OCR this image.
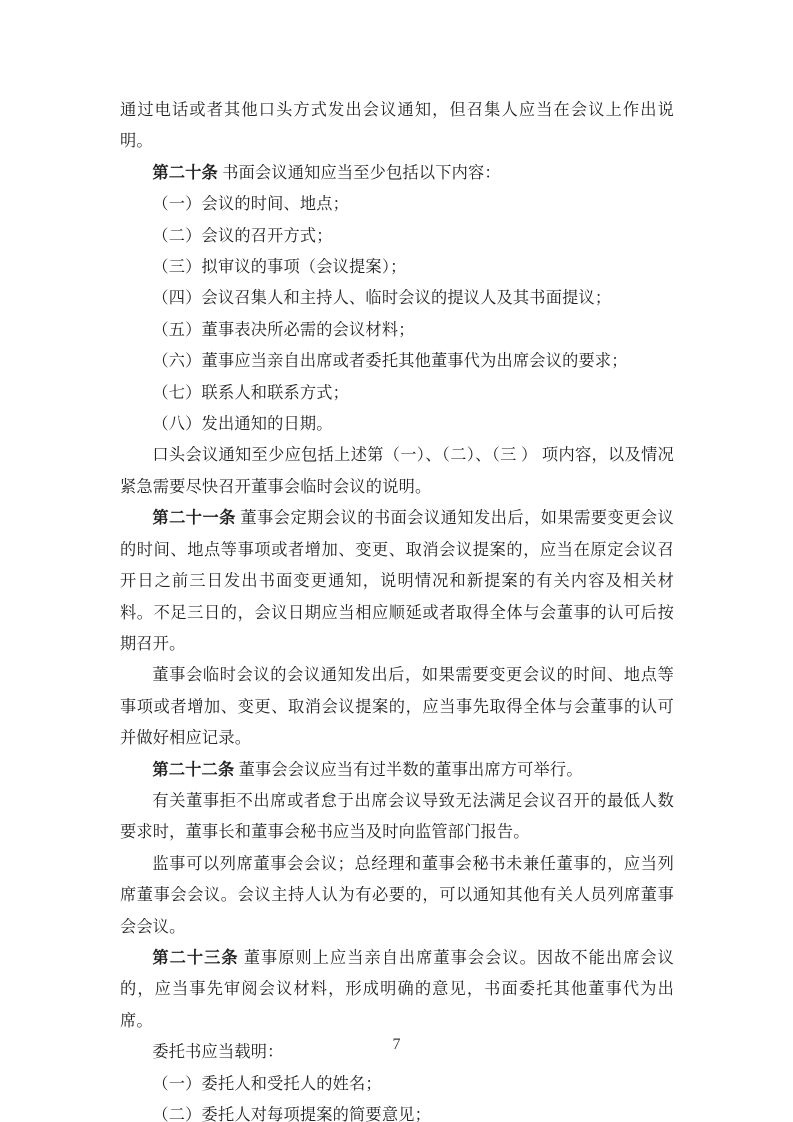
通过电话或者其他口头方式发出会议通知，但召集人应当在会议上作出说明。

第二十条 书面会议通知应当至少包括以下内容：

（一）会议的时间、地点；

（二）会议的召开方式；

（三）拟审议的事项（会议提案）；

（四）会议召集人和主持人、临时会议的提议人及其书面提议；

（五）董事表决所必需的会议材料；

（六）董事应当亲自出席或者委托其他董事代为出席会议的要求；

（七）联系人和联系方式；

（八）发出通知的日期。

口头会议通知至少应包括上述第（一）、（二）、（三 ） 项内容，以及情况紧急需要尽快召开董事会临时会议的说明。

第二十一条 董事会定期会议的书面会议通知发出后，如果需要变更会议的时间、地点等事项或者增加、变更、取消会议提案的，应当在原定会议召开日之前三日发出书面变更通知，说明情况和新提案的有关内容及相关材料。不足三日的，会议日期应当相应顺延或者取得全体与会董事的认可后按期召开。

董事会临时会议的会议通知发出后，如果需要变更会议的时间、地点等事项或者增加、变更、取消会议提案的，应当事先取得全体与会董事的认可并做好相应记录。

第二十二条 董事会会议应当有过半数的董事出席方可举行。

有关董事拒不出席或者怠于出席会议导致无法满足会议召开的最低人数要求时，董事长和董事会秘书应当及时向监管部门报告。

监事可以列席董事会会议；总经理和董事会秘书未兼任董事的，应当列席董事会会议。会议主持人认为有必要的，可以通知其他有关人员列席董事会会议。

第二十三条 董事原则上应当亲自出席董事会会议。因故不能出席会议的，应当事先审阅会议材料，形成明确的意见，书面委托其他董事代为出席。

委托书应当载明：

（一）委托人和受托人的姓名；

（二）委托人对每项提案的简要意见；

7
